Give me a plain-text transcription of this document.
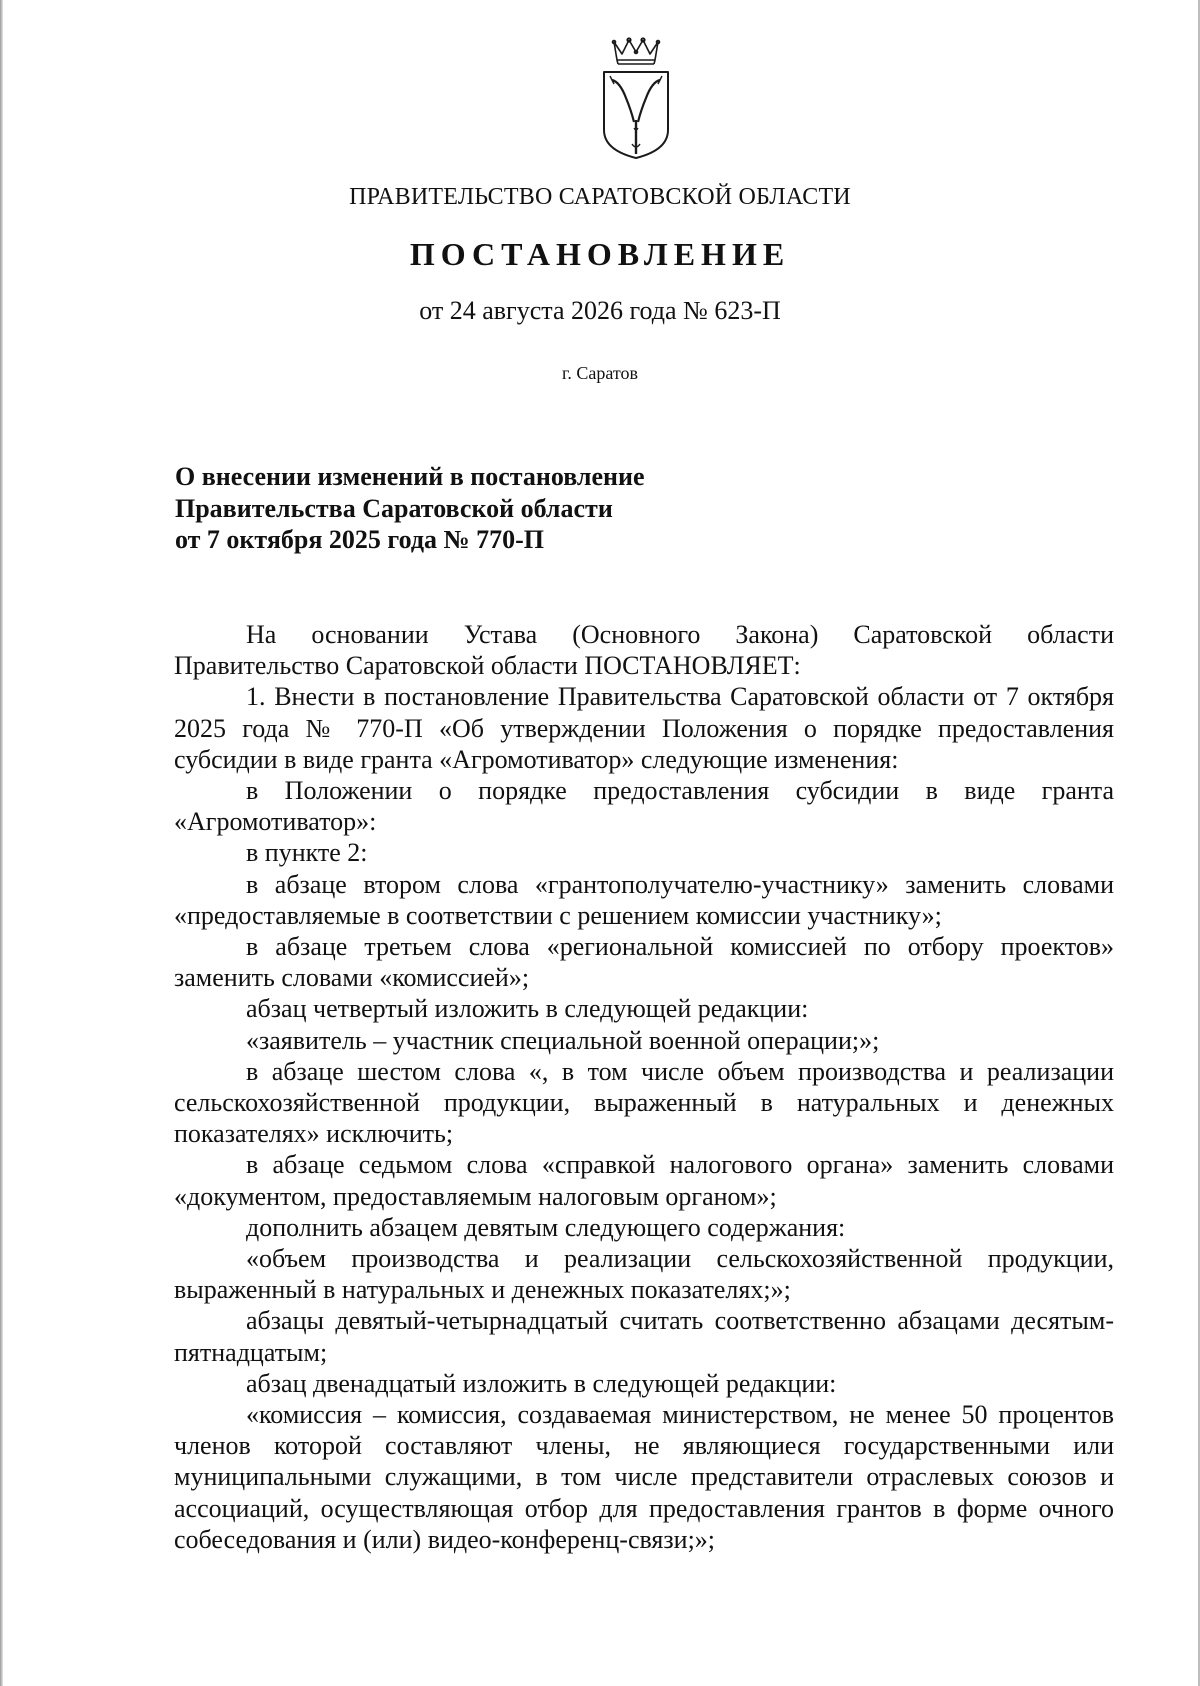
ПРАВИТЕЛЬСТВО САРАТОВСКОЙ ОБЛАСТИ

ПОСТАНОВЛЕНИЕ

от 24 августа 2026 года № 623-П

г. Саратов

О внесении изменений в постановление
Правительства Саратовской области
от 7 октября 2025 года № 770-П

На основании Устава (Основного Закона) Саратовской области Правительство Саратовской области ПОСТАНОВЛЯЕТ:

1. Внести в постановление Правительства Саратовской области от 7 октября 2025 года № 770-П «Об утверждении Положения о порядке предоставления субсидии в виде гранта «Агромотиватор» следующие изменения:

в Положении о порядке предоставления субсидии в виде гранта «Агромотиватор»:

в пункте 2:

в абзаце втором слова «грантополучателю-участнику» заменить словами «предоставляемые в соответствии с решением комиссии участнику»;

в абзаце третьем слова «региональной комиссией по отбору проектов» заменить словами «комиссией»;

абзац четвертый изложить в следующей редакции:

«заявитель – участник специальной военной операции;»;

в абзаце шестом слова «, в том числе объем производства и реализации сельскохозяйственной продукции, выраженный в натуральных и денежных показателях» исключить;

в абзаце седьмом слова «справкой налогового органа» заменить словами «документом, предоставляемым налоговым органом»;

дополнить абзацем девятым следующего содержания:

«объем производства и реализации сельскохозяйственной продукции, выраженный в натуральных и денежных показателях;»;

абзацы девятый-четырнадцатый считать соответственно абзацами десятым-пятнадцатым;

абзац двенадцатый изложить в следующей редакции:

«комиссия – комиссия, создаваемая министерством, не менее 50 процентов членов которой составляют члены, не являющиеся государственными или муниципальными служащими, в том числе представители отраслевых союзов и ассоциаций, осуществляющая отбор для предоставления грантов в форме очного собеседования и (или) видео-конференц-связи;»;
